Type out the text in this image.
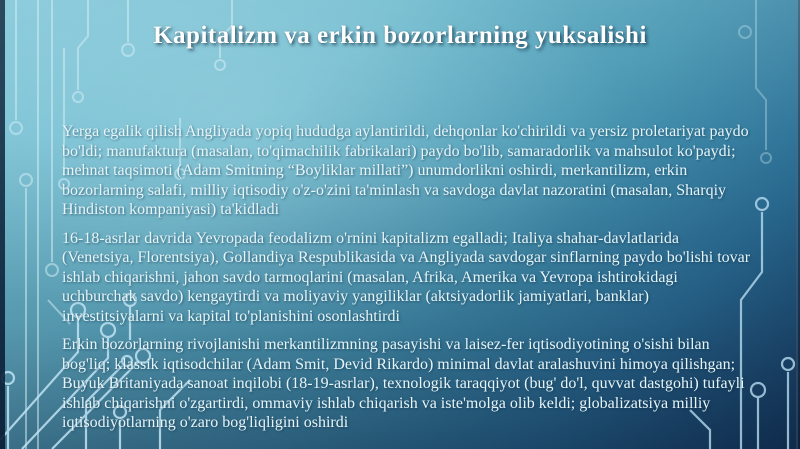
Kapitalizm va erkin bozorlarning yuksalishi

Yerga egalik qilish Angliyada yopiq hududga aylantirildi, dehqonlar ko'chirildi va yersiz proletariyat paydo bo'ldi; manufaktura (masalan, to'qimachilik fabrikalari) paydo bo'lib, samaradorlik va mahsulot ko'paydi; mehnat taqsimoti (Adam Smitning “Boyliklar millati”) unumdorlikni oshirdi, merkantilizm, erkin bozorlarning salafi, milliy iqtisodiy o'z-o'zini ta'minlash va savdoga davlat nazoratini (masalan, Sharqiy Hindiston kompaniyasi) ta'kidladi

16-18-asrlar davrida Yevropada feodalizm o'rnini kapitalizm egalladi; Italiya shahar-davlatlarida (Venetsiya, Florentsiya), Gollandiya Respublikasida va Angliyada savdogar sinflarning paydo bo'lishi tovar ishlab chiqarishni, jahon savdo tarmoqlarini (masalan, Afrika, Amerika va Yevropa ishtirokidagi uchburchak savdo) kengaytirdi va moliyaviy yangiliklar (aktsiyadorlik jamiyatlari, banklar) investitsiyalarni va kapital to'planishini osonlashtirdi

Erkin bozorlarning rivojlanishi merkantilizmning pasayishi va laisez-fer iqtisodiyotining o'sishi bilan bog'liq; klassik iqtisodchilar (Adam Smit, Devid Rikardo) minimal davlat aralashuvini himoya qilishgan; Buyuk Britaniyada sanoat inqilobi (18-19-asrlar), texnologik taraqqiyot (bug' do'l, quvvat dastgohi) tufayli ishlab chiqarishni o'zgartirdi, ommaviy ishlab chiqarish va iste'molga olib keldi; globalizatsiya milliy iqtisodiyotlarning o'zaro bog'liqligini oshirdi
